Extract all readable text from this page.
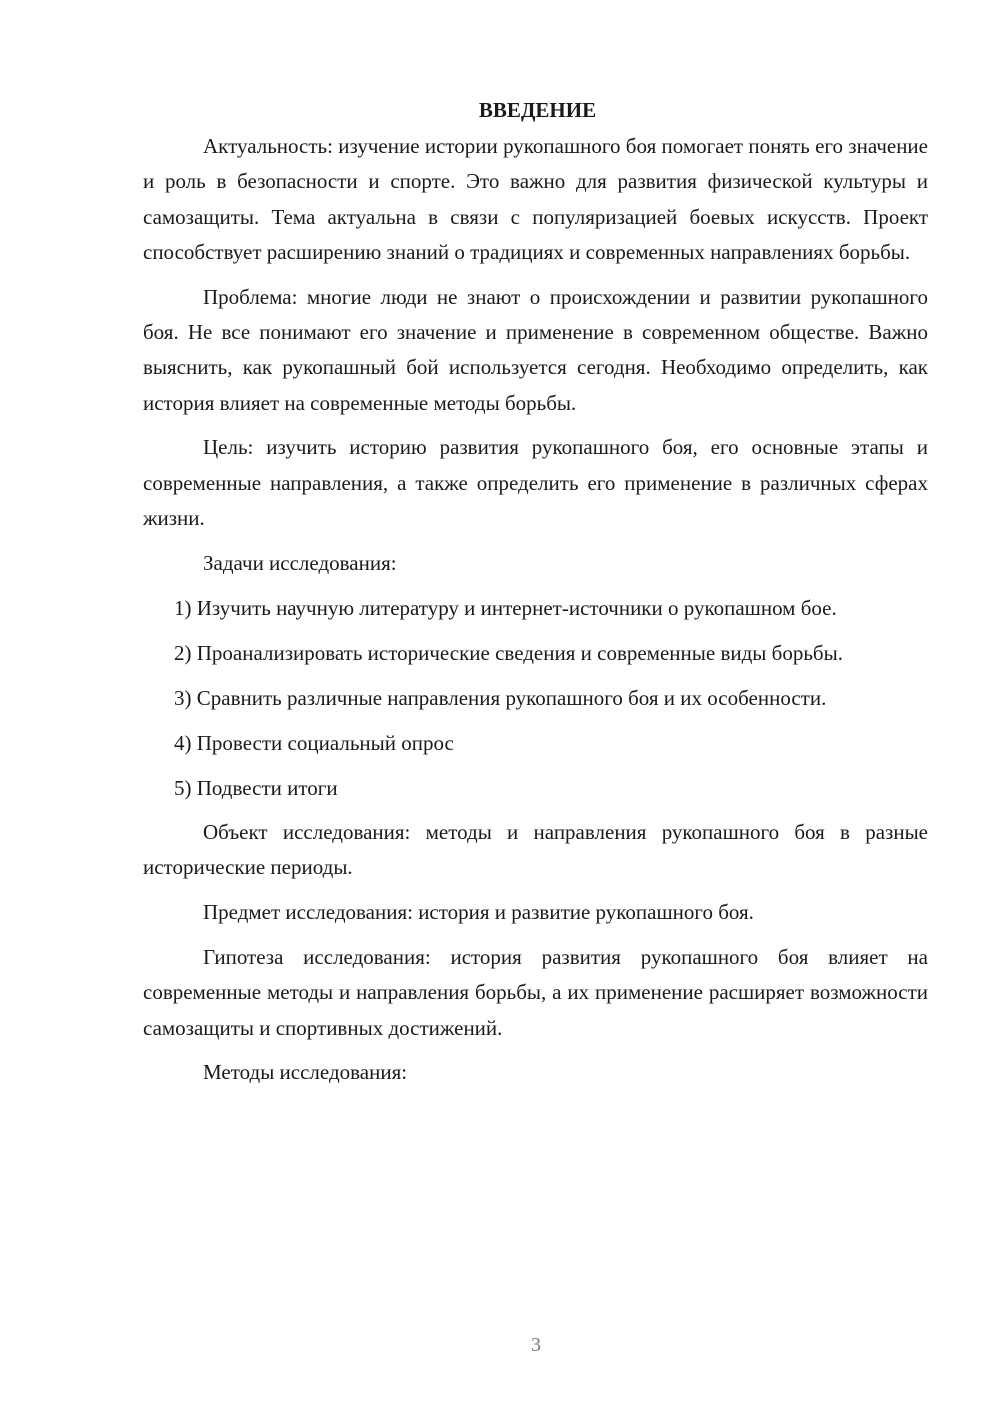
ВВЕДЕНИЕ

Актуальность: изучение истории рукопашного боя помогает понять его значение и роль в безопасности и спорте. Это важно для развития физической культуры и самозащиты. Тема актуальна в связи с популяризацией боевых искусств. Проект способствует расширению знаний о традициях и современных направлениях борьбы.

Проблема: многие люди не знают о происхождении и развитии рукопашного боя. Не все понимают его значение и применение в современном обществе. Важно выяснить, как рукопашный бой используется сегодня. Необходимо определить, как история влияет на современные методы борьбы.

Цель: изучить историю развития рукопашного боя, его основные этапы и современные направления, а также определить его применение в различных сферах жизни.

Задачи исследования:

1) Изучить научную литературу и интернет-источники о рукопашном бое.

2) Проанализировать исторические сведения и современные виды борьбы.

3) Сравнить различные направления рукопашного боя и их особенности.

4) Провести социальный опрос

5) Подвести итоги

Объект исследования: методы и направления рукопашного боя в разные исторические периоды.

Предмет исследования: история и развитие рукопашного боя.

Гипотеза исследования: история развития рукопашного боя влияет на современные методы и направления борьбы, а их применение расширяет возможности самозащиты и спортивных достижений.

Методы исследования:

3
